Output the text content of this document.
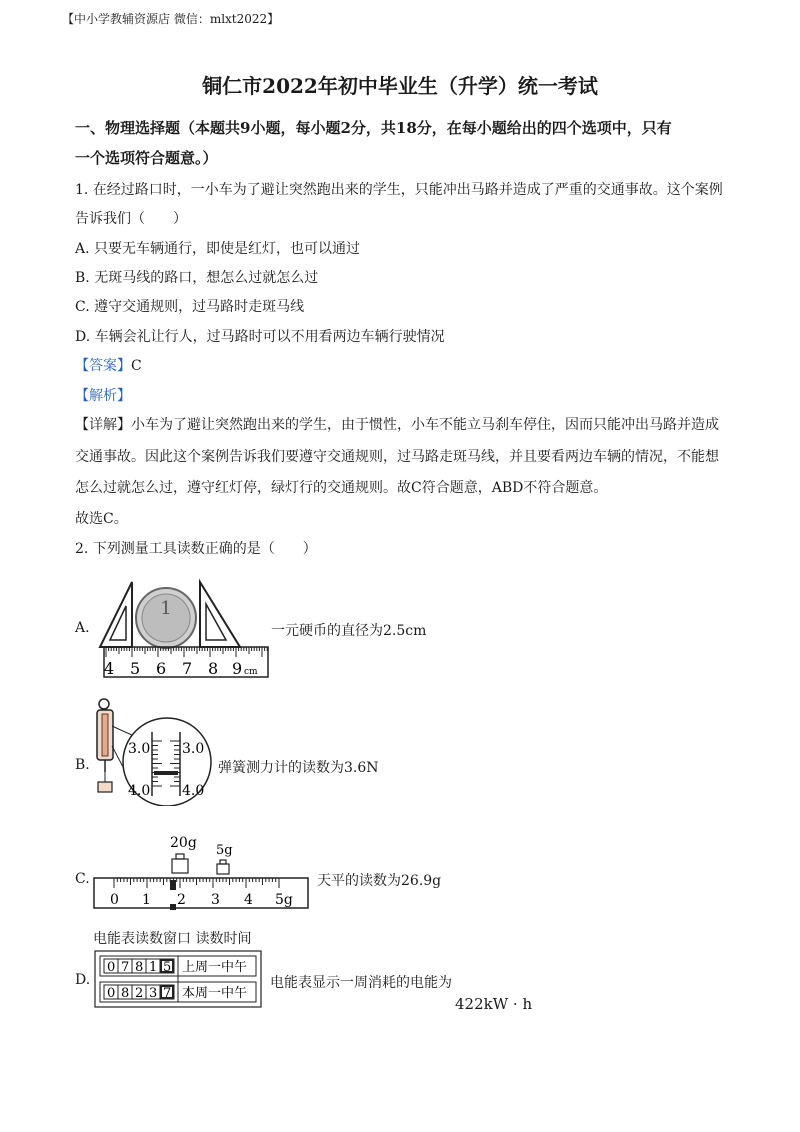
【中小学教辅资源店 微信：mlxt2022】
铜仁市2022年初中毕业生（升学）统一考试
一、物理选择题（本题共9小题，每小题2分，共18分，在每小题给出的四个选项中，只有
一个选项符合题意。）
1. 在经过路口时，一小车为了避让突然跑出来的学生，只能冲出马路并造成了严重的交通事故。这个案例
告诉我们（　　）
A. 只要无车辆通行，即使是红灯，也可以通过
B. 无斑马线的路口，想怎么过就怎么过
C. 遵守交通规则，过马路时走斑马线
D. 车辆会礼让行人，过马路时可以不用看两边车辆行驶情况
【答案】C
【解析】
【详解】小车为了避让突然跑出来的学生，由于惯性，小车不能立马刹车停住，因而只能冲出马路并造成
交通事故。因此这个案例告诉我们要遵守交通规则，过马路走斑马线，并且要看两边车辆的情况，不能想
怎么过就怎么过，遵守红灯停，绿灯行的交通规则。故C符合题意，ABD不符合题意。
故选C。
2. 下列测量工具读数正确的是（　　）
A.
1
4 5 6 7 8 9 cm
一元硬币的直径为2.5cm
B.
3.0 3.0
4.0 4.0
弹簧测力计的读数为3.6N
C.
20g 5g
0 1 2 3 4 5g
天平的读数为26.9g
电能表读数窗口 读数时间
D.
0 7 8 1 5
0 8 2 3 7
上周一中午
本周一中午
电能表显示一周消耗的电能为
422kW · h
